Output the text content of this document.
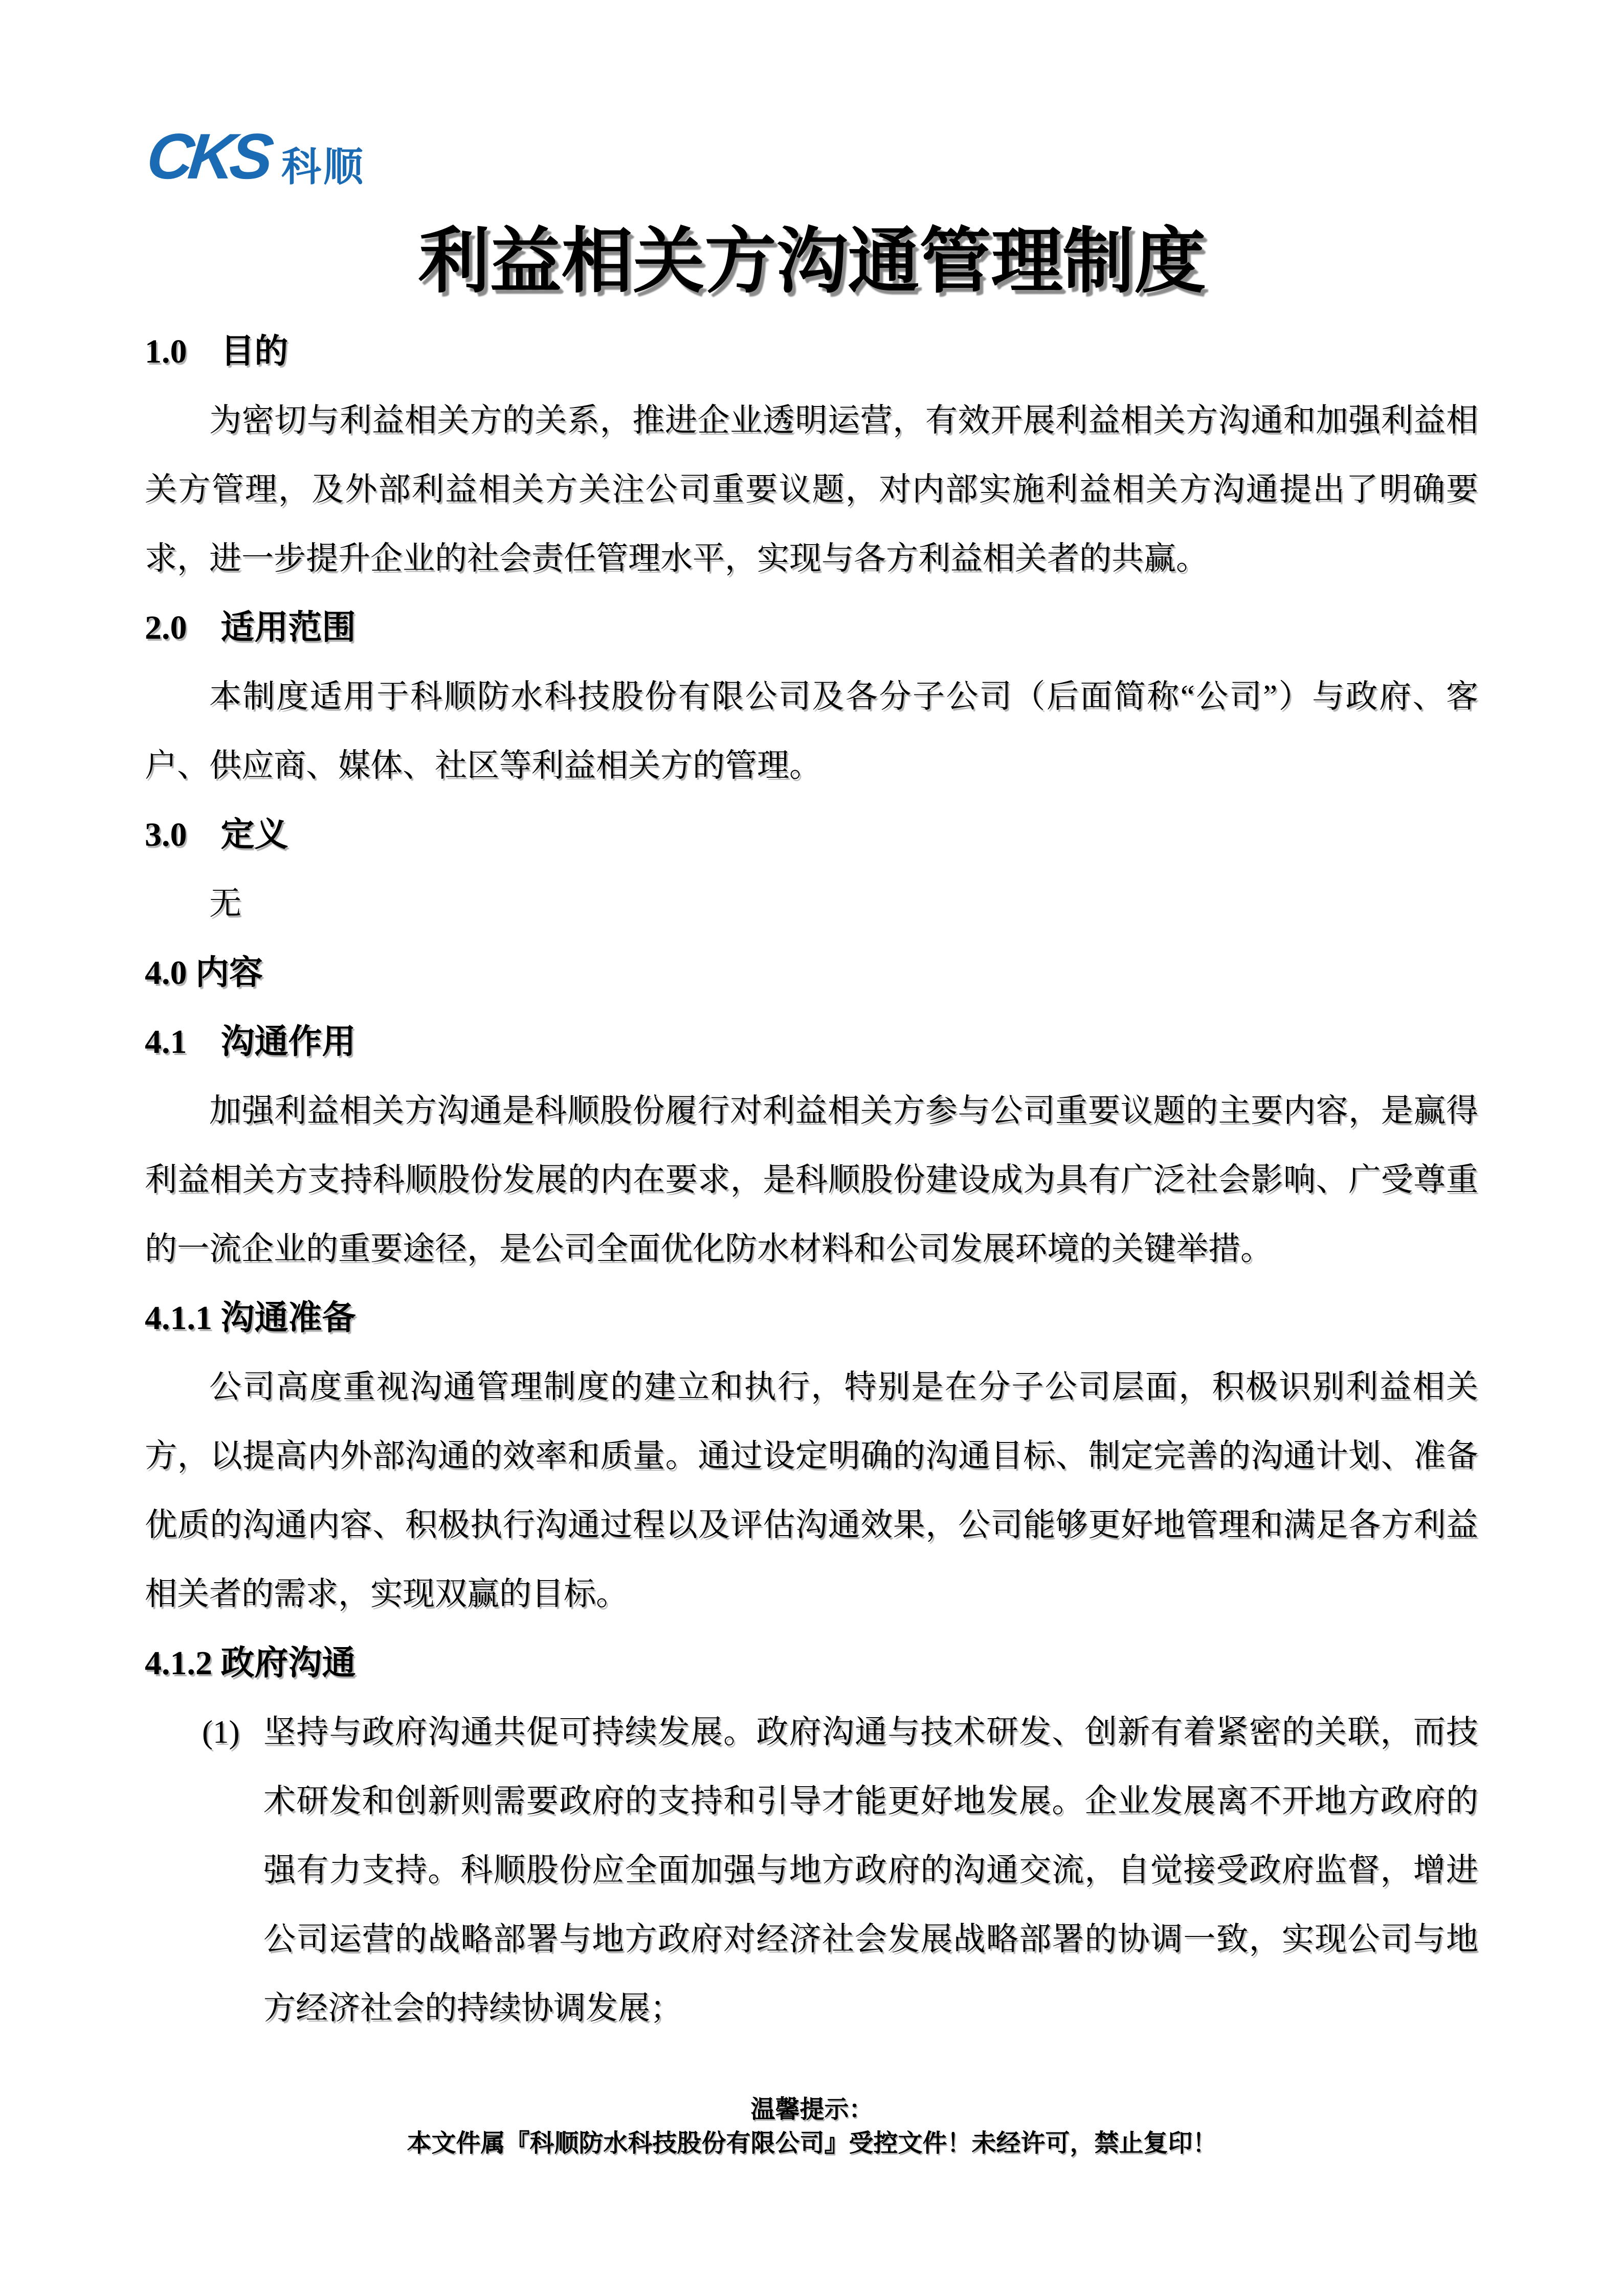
CKS 科顺
利益相关方沟通管理制度
1.0　目的
为密切与利益相关方的关系，推进企业透明运营，有效开展利益相关方沟通和加强利益相关方管理，及外部利益相关方关注公司重要议题，对内部实施利益相关方沟通提出了明确要求，进一步提升企业的社会责任管理水平，实现与各方利益相关者的共赢。
2.0　适用范围
本制度适用于科顺防水科技股份有限公司及各分子公司（后面简称“公司”）与政府、客户、供应商、媒体、社区等利益相关方的管理。
3.0　定义
无
4.0 内容
4.1　沟通作用
加强利益相关方沟通是科顺股份履行对利益相关方参与公司重要议题的主要内容，是赢得利益相关方支持科顺股份发展的内在要求，是科顺股份建设成为具有广泛社会影响、广受尊重的一流企业的重要途径，是公司全面优化防水材料和公司发展环境的关键举措。
4.1.1 沟通准备
公司高度重视沟通管理制度的建立和执行，特别是在分子公司层面，积极识别利益相关方，以提高内外部沟通的效率和质量。通过设定明确的沟通目标、制定完善的沟通计划、准备优质的沟通内容、积极执行沟通过程以及评估沟通效果，公司能够更好地管理和满足各方利益相关者的需求，实现双赢的目标。
4.1.2 政府沟通
(1) 坚持与政府沟通共促可持续发展。政府沟通与技术研发、创新有着紧密的关联，而技术研发和创新则需要政府的支持和引导才能更好地发展。企业发展离不开地方政府的强有力支持。科顺股份应全面加强与地方政府的沟通交流，自觉接受政府监督，增进公司运营的战略部署与地方政府对经济社会发展战略部署的协调一致，实现公司与地方经济社会的持续协调发展；
温馨提示：
本文件属『科顺防水科技股份有限公司』受控文件！未经许可，禁止复印！
